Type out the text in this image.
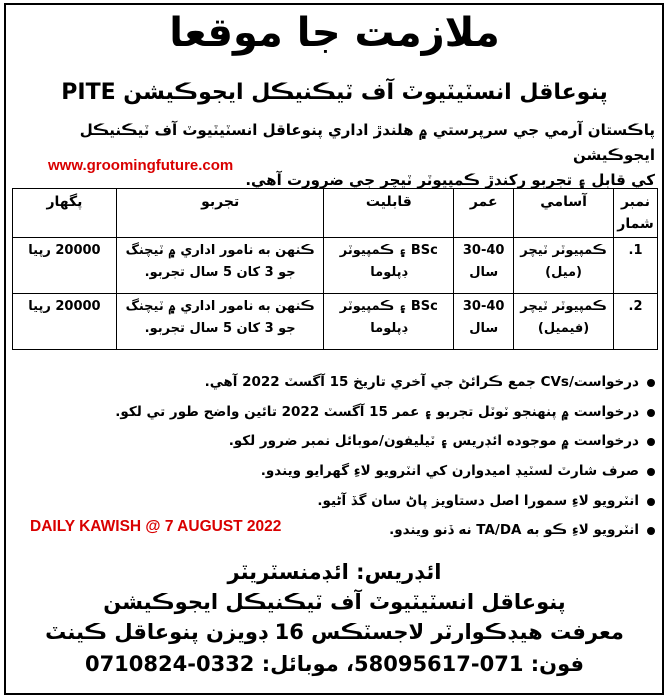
ملازمت جا موقعا
پنوعاقل انسٽيٽيوٽ آف ٽيڪنيڪل ايجوڪيشن PITE
پاڪستان آرمي جي سرپرستي ۾ هلندڙ اداري پنوعاقل انسٽيٽيوٽ آف ٽيڪنيڪل ايجوڪيشن
کي قابل ۽ تجربو رکندڙ ڪمپيوٽر ٽيچر جي ضرورت آهي.
www.groomingfuture.com
نمبر شمار	آسامي	عمر	قابليت	تجربو	پگهار
1.	ڪمپيوٽر ٽيچر (ميل)	30-40 سال	BSc ۽ ڪمپيوٽر ڊپلوما	ڪنهن به نامور اداري ۾ ٽيچنگ جو 3 کان 5 سال تجربو.	20000 رپيا
2.	ڪمپيوٽر ٽيچر (فيميل)	30-40 سال	BSc ۽ ڪمپيوٽر ڊپلوما	ڪنهن به نامور اداري ۾ ٽيچنگ جو 3 کان 5 سال تجربو.	20000 رپيا
درخواست/CVs جمع ڪرائڻ جي آخري تاريخ 15 آگسٽ 2022 آهي.
درخواست ۾ پنهنجو ٽوٽل تجربو ۽ عمر 15 آگسٽ 2022 تائين واضح طور تي لکو.
درخواست ۾ موجوده ائڊريس ۽ ٽيليفون/موبائل نمبر ضرور لکو.
صرف شارٽ لسٽيڊ اميدوارن کي انٽرويو لاءِ گهرايو ويندو.
انٽرويو لاءِ سمورا اصل دستاويز پاڻ سان گڏ آڻيو.
انٽرويو لاءِ ڪو به TA/DA نه ڏنو ويندو.
DAILY KAWISH @ 7 AUGUST 2022
ائڊريس: ائڊمنسٽريٽر
پنوعاقل انسٽيٽيوٽ آف ٽيڪنيڪل ايجوڪيشن
معرفت هيڊڪوارٽر لاجسٽڪس 16 ڊويزن پنوعاقل ڪينٽ
فون: 071-58095617، موبائل: 0332-0710824
